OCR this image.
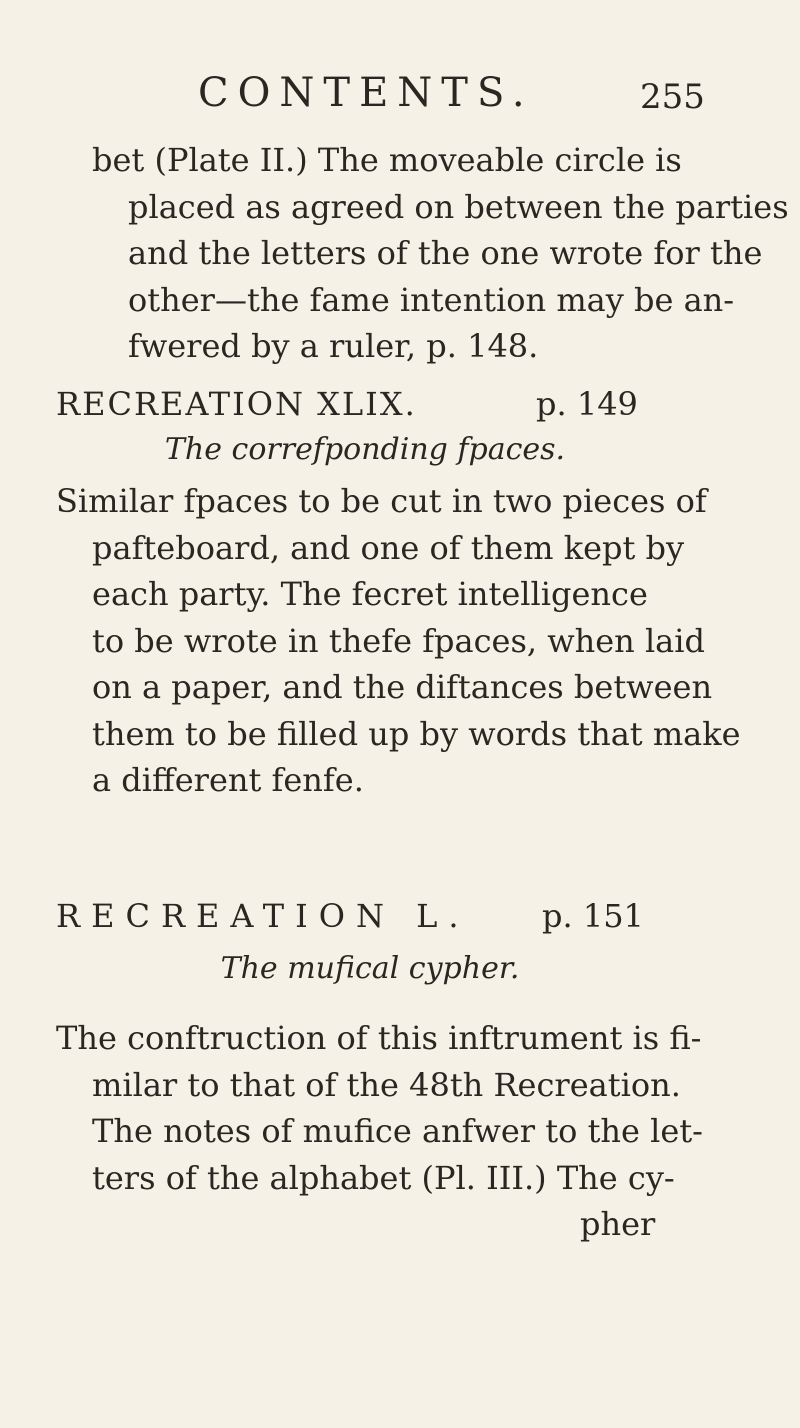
CONTENTS.	255
bet (Plate II.) The moveable circle is
placed as agreed on between the parties
and the letters of the one wrote for the
other—the fame intention may be an-
fwered by a ruler, p. 148.
RECREATION XLIX.	p. 149
The correfponding fpaces.
Similar fpaces to be cut in two pieces of
pafteboard, and one of them kept by
each party. The fecret intelligence
to be wrote in thefe fpaces, when laid
on a paper, and the diftances between
them to be filled up by words that make
a different fenfe.
RECREATION L. p. 151
The mufical cypher.
The conftruction of this inftrument is fi-
milar to that of the 48th Recreation.
The notes of mufice anfwer to the let-
ters of the alphabet (Pl. III.) The cy-
pher
